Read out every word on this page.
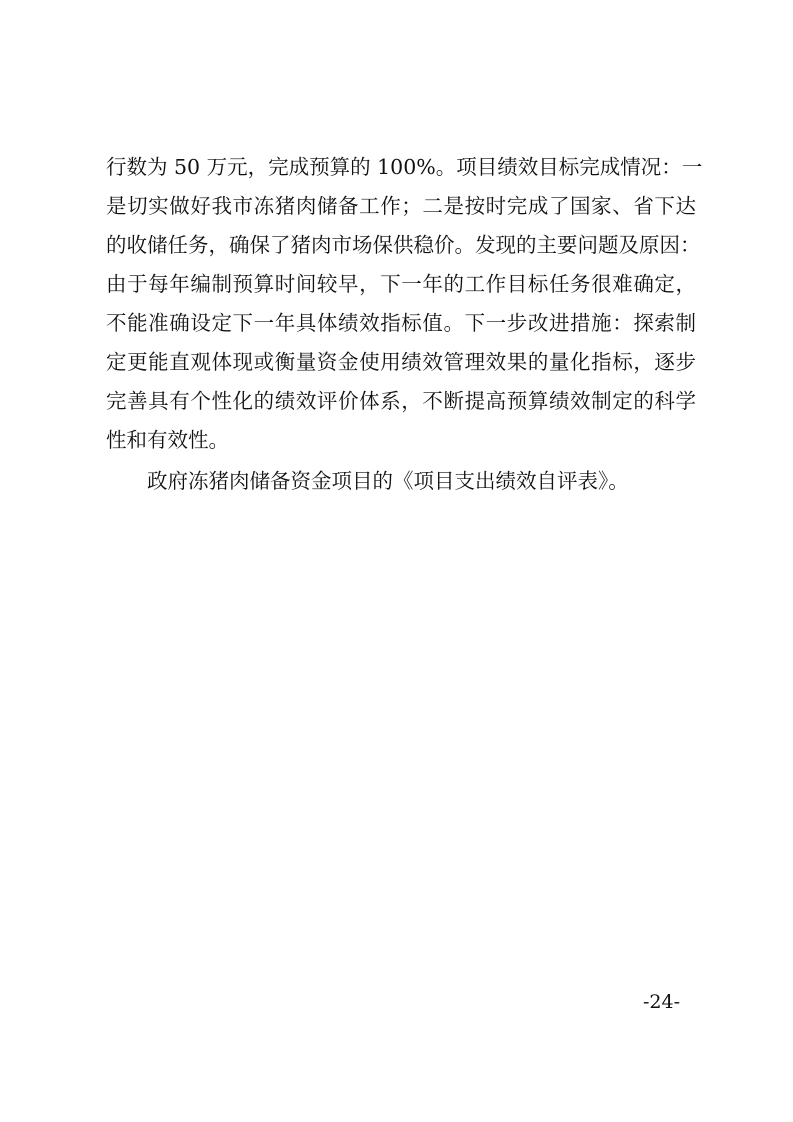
行数为 50 万元，完成预算的 100%。项目绩效目标完成情况：一
是切实做好我市冻猪肉储备工作；二是按时完成了国家、省下达
的收储任务，确保了猪肉市场保供稳价。发现的主要问题及原因：
由于每年编制预算时间较早，下一年的工作目标任务很难确定，
不能准确设定下一年具体绩效指标值。下一步改进措施：探索制
定更能直观体现或衡量资金使用绩效管理效果的量化指标，逐步
完善具有个性化的绩效评价体系，不断提高预算绩效制定的科学
性和有效性。
政府冻猪肉储备资金项目的《项目支出绩效自评表》。
-24-
